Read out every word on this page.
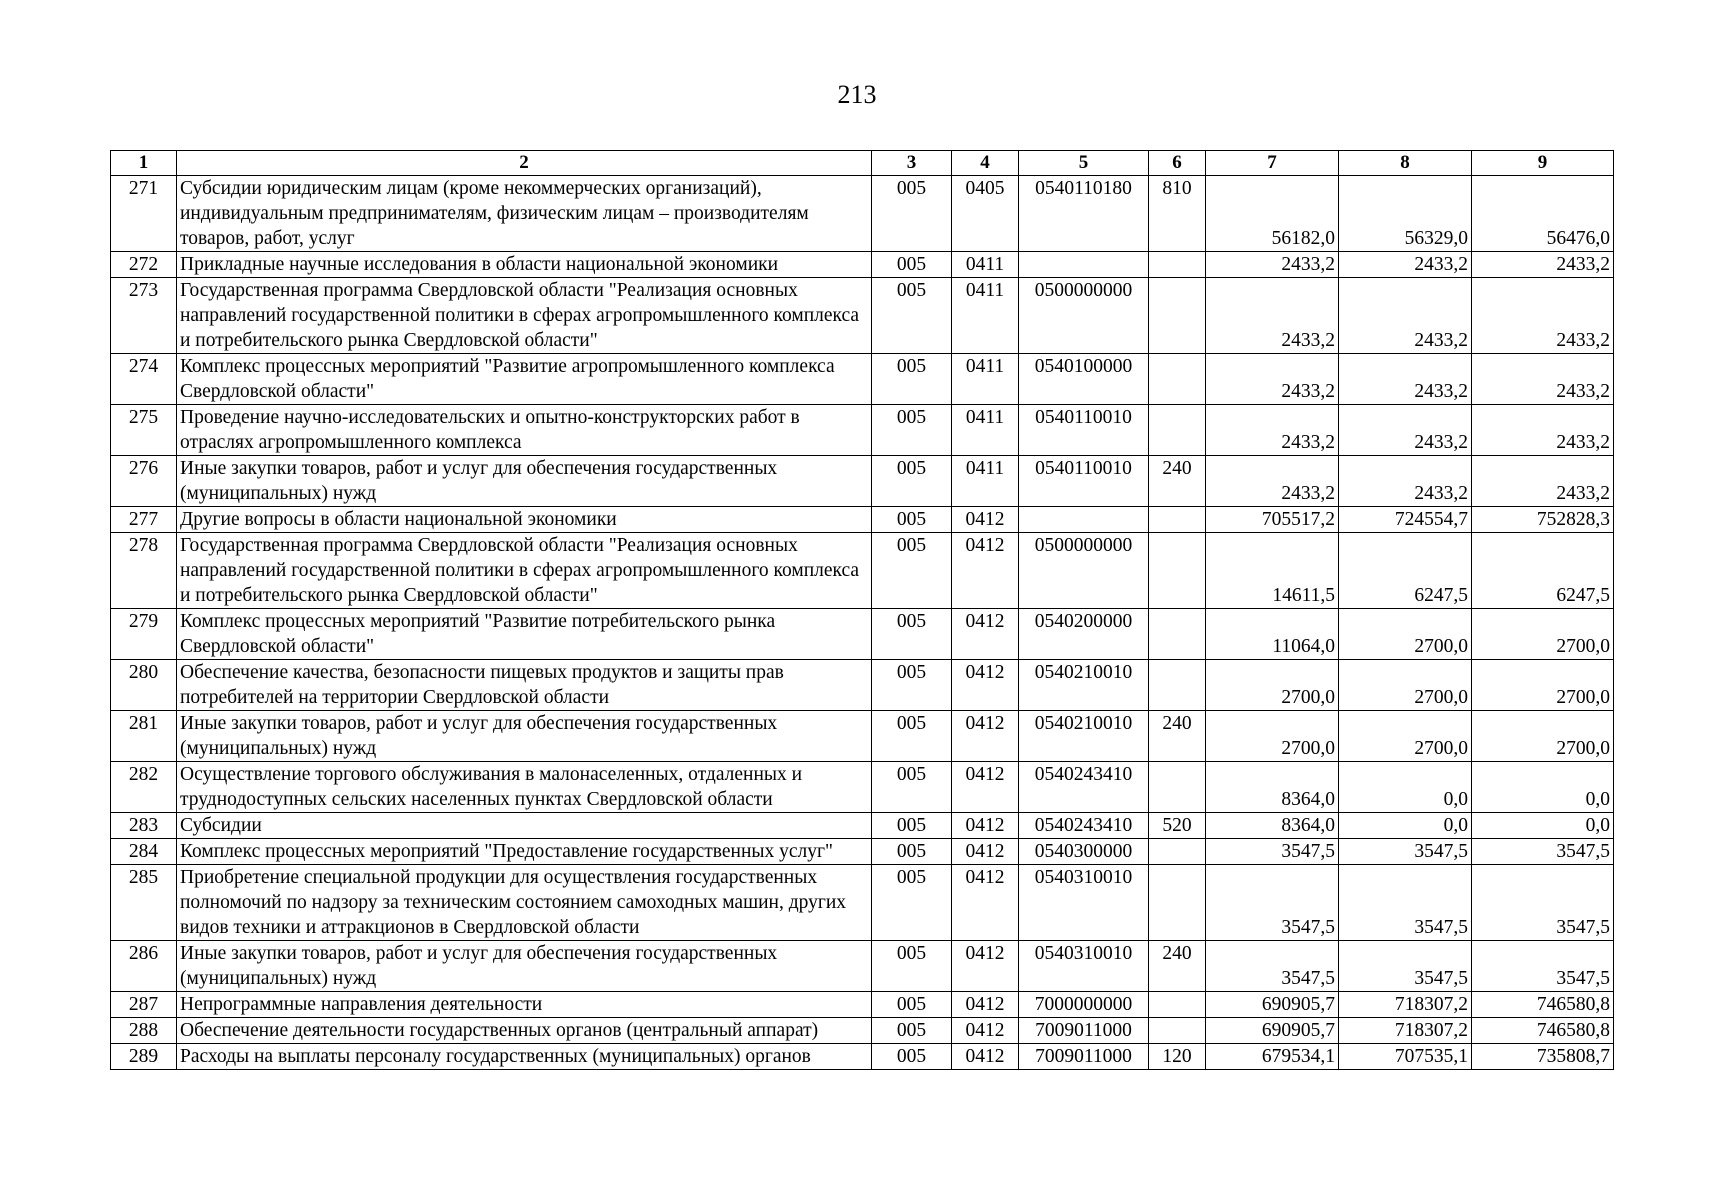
213
1	2	3	4	5	6	7	8	9
271	Субсидии юридическим лицам (кроме некоммерческих организаций), индивидуальным предпринимателям, физическим лицам – производителям товаров, работ, услуг	005	0405	0540110180	810	56182,0	56329,0	56476,0
272	Прикладные научные исследования в области национальной экономики	005	0411			2433,2	2433,2	2433,2
273	Государственная программа Свердловской области "Реализация основных направлений государственной политики в сферах агропромышленного комплекса и потребительского рынка Свердловской области"	005	0411	0500000000		2433,2	2433,2	2433,2
274	Комплекс процессных мероприятий "Развитие агропромышленного комплекса Свердловской области"	005	0411	0540100000		2433,2	2433,2	2433,2
275	Проведение научно-исследовательских и опытно-конструкторских работ в отраслях агропромышленного комплекса	005	0411	0540110010		2433,2	2433,2	2433,2
276	Иные закупки товаров, работ и услуг для обеспечения государственных (муниципальных) нужд	005	0411	0540110010	240	2433,2	2433,2	2433,2
277	Другие вопросы в области национальной экономики	005	0412			705517,2	724554,7	752828,3
278	Государственная программа Свердловской области "Реализация основных направлений государственной политики в сферах агропромышленного комплекса и потребительского рынка Свердловской области"	005	0412	0500000000		14611,5	6247,5	6247,5
279	Комплекс процессных мероприятий "Развитие потребительского рынка Свердловской области"	005	0412	0540200000		11064,0	2700,0	2700,0
280	Обеспечение качества, безопасности пищевых продуктов и защиты прав потребителей на территории Свердловской области	005	0412	0540210010		2700,0	2700,0	2700,0
281	Иные закупки товаров, работ и услуг для обеспечения государственных (муниципальных) нужд	005	0412	0540210010	240	2700,0	2700,0	2700,0
282	Осуществление торгового обслуживания в малонаселенных, отдаленных и труднодоступных сельских населенных пунктах Свердловской области	005	0412	0540243410		8364,0	0,0	0,0
283	Субсидии	005	0412	0540243410	520	8364,0	0,0	0,0
284	Комплекс процессных мероприятий "Предоставление государственных услуг"	005	0412	0540300000		3547,5	3547,5	3547,5
285	Приобретение специальной продукции для осуществления государственных полномочий по надзору за техническим состоянием самоходных машин, других видов техники и аттракционов в Свердловской области	005	0412	0540310010		3547,5	3547,5	3547,5
286	Иные закупки товаров, работ и услуг для обеспечения государственных (муниципальных) нужд	005	0412	0540310010	240	3547,5	3547,5	3547,5
287	Непрограммные направления деятельности	005	0412	7000000000		690905,7	718307,2	746580,8
288	Обеспечение деятельности государственных органов (центральный аппарат)	005	0412	7009011000		690905,7	718307,2	746580,8
289	Расходы на выплаты персоналу государственных (муниципальных) органов	005	0412	7009011000	120	679534,1	707535,1	735808,7
